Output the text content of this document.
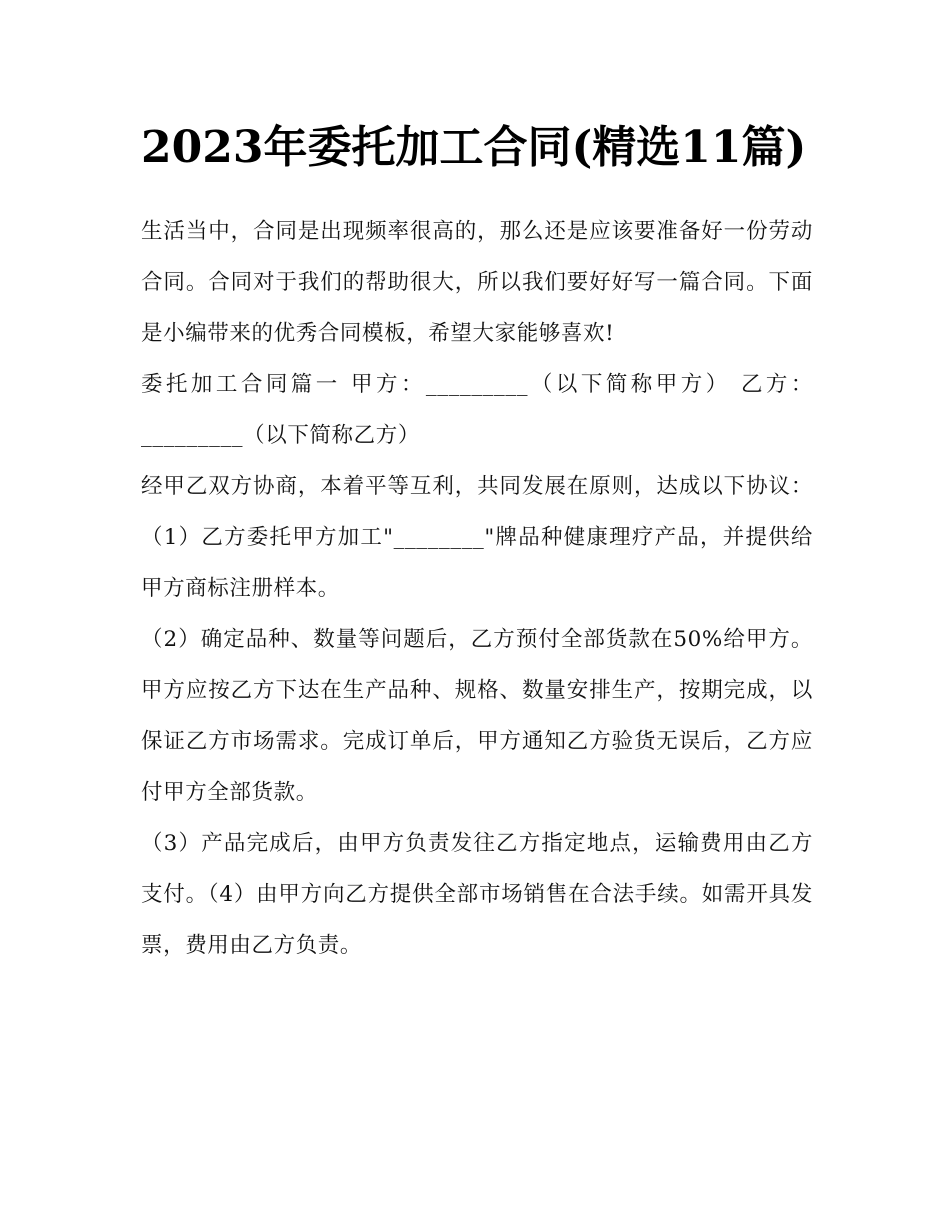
2023年委托加工合同(精选11篇)

生活当中，合同是出现频率很高的，那么还是应该要准备好一份劳动合同。合同对于我们的帮助很大，所以我们要好好写一篇合同。下面是小编带来的优秀合同模板，希望大家能够喜欢!

委托加工合同篇一 甲方：_________（以下简称甲方） 乙方：_________（以下简称乙方）

经甲乙双方协商，本着平等互利，共同发展在原则，达成以下协议：（1）乙方委托甲方加工"________"牌品种健康理疗产品，并提供给甲方商标注册样本。

（2）确定品种、数量等问题后，乙方预付全部货款在50%给甲方。甲方应按乙方下达在生产品种、规格、数量安排生产，按期完成，以保证乙方市场需求。完成订单后，甲方通知乙方验货无误后，乙方应付甲方全部货款。

（3）产品完成后，由甲方负责发往乙方指定地点，运输费用由乙方支付。（4）由甲方向乙方提供全部市场销售在合法手续。如需开具发票，费用由乙方负责。
